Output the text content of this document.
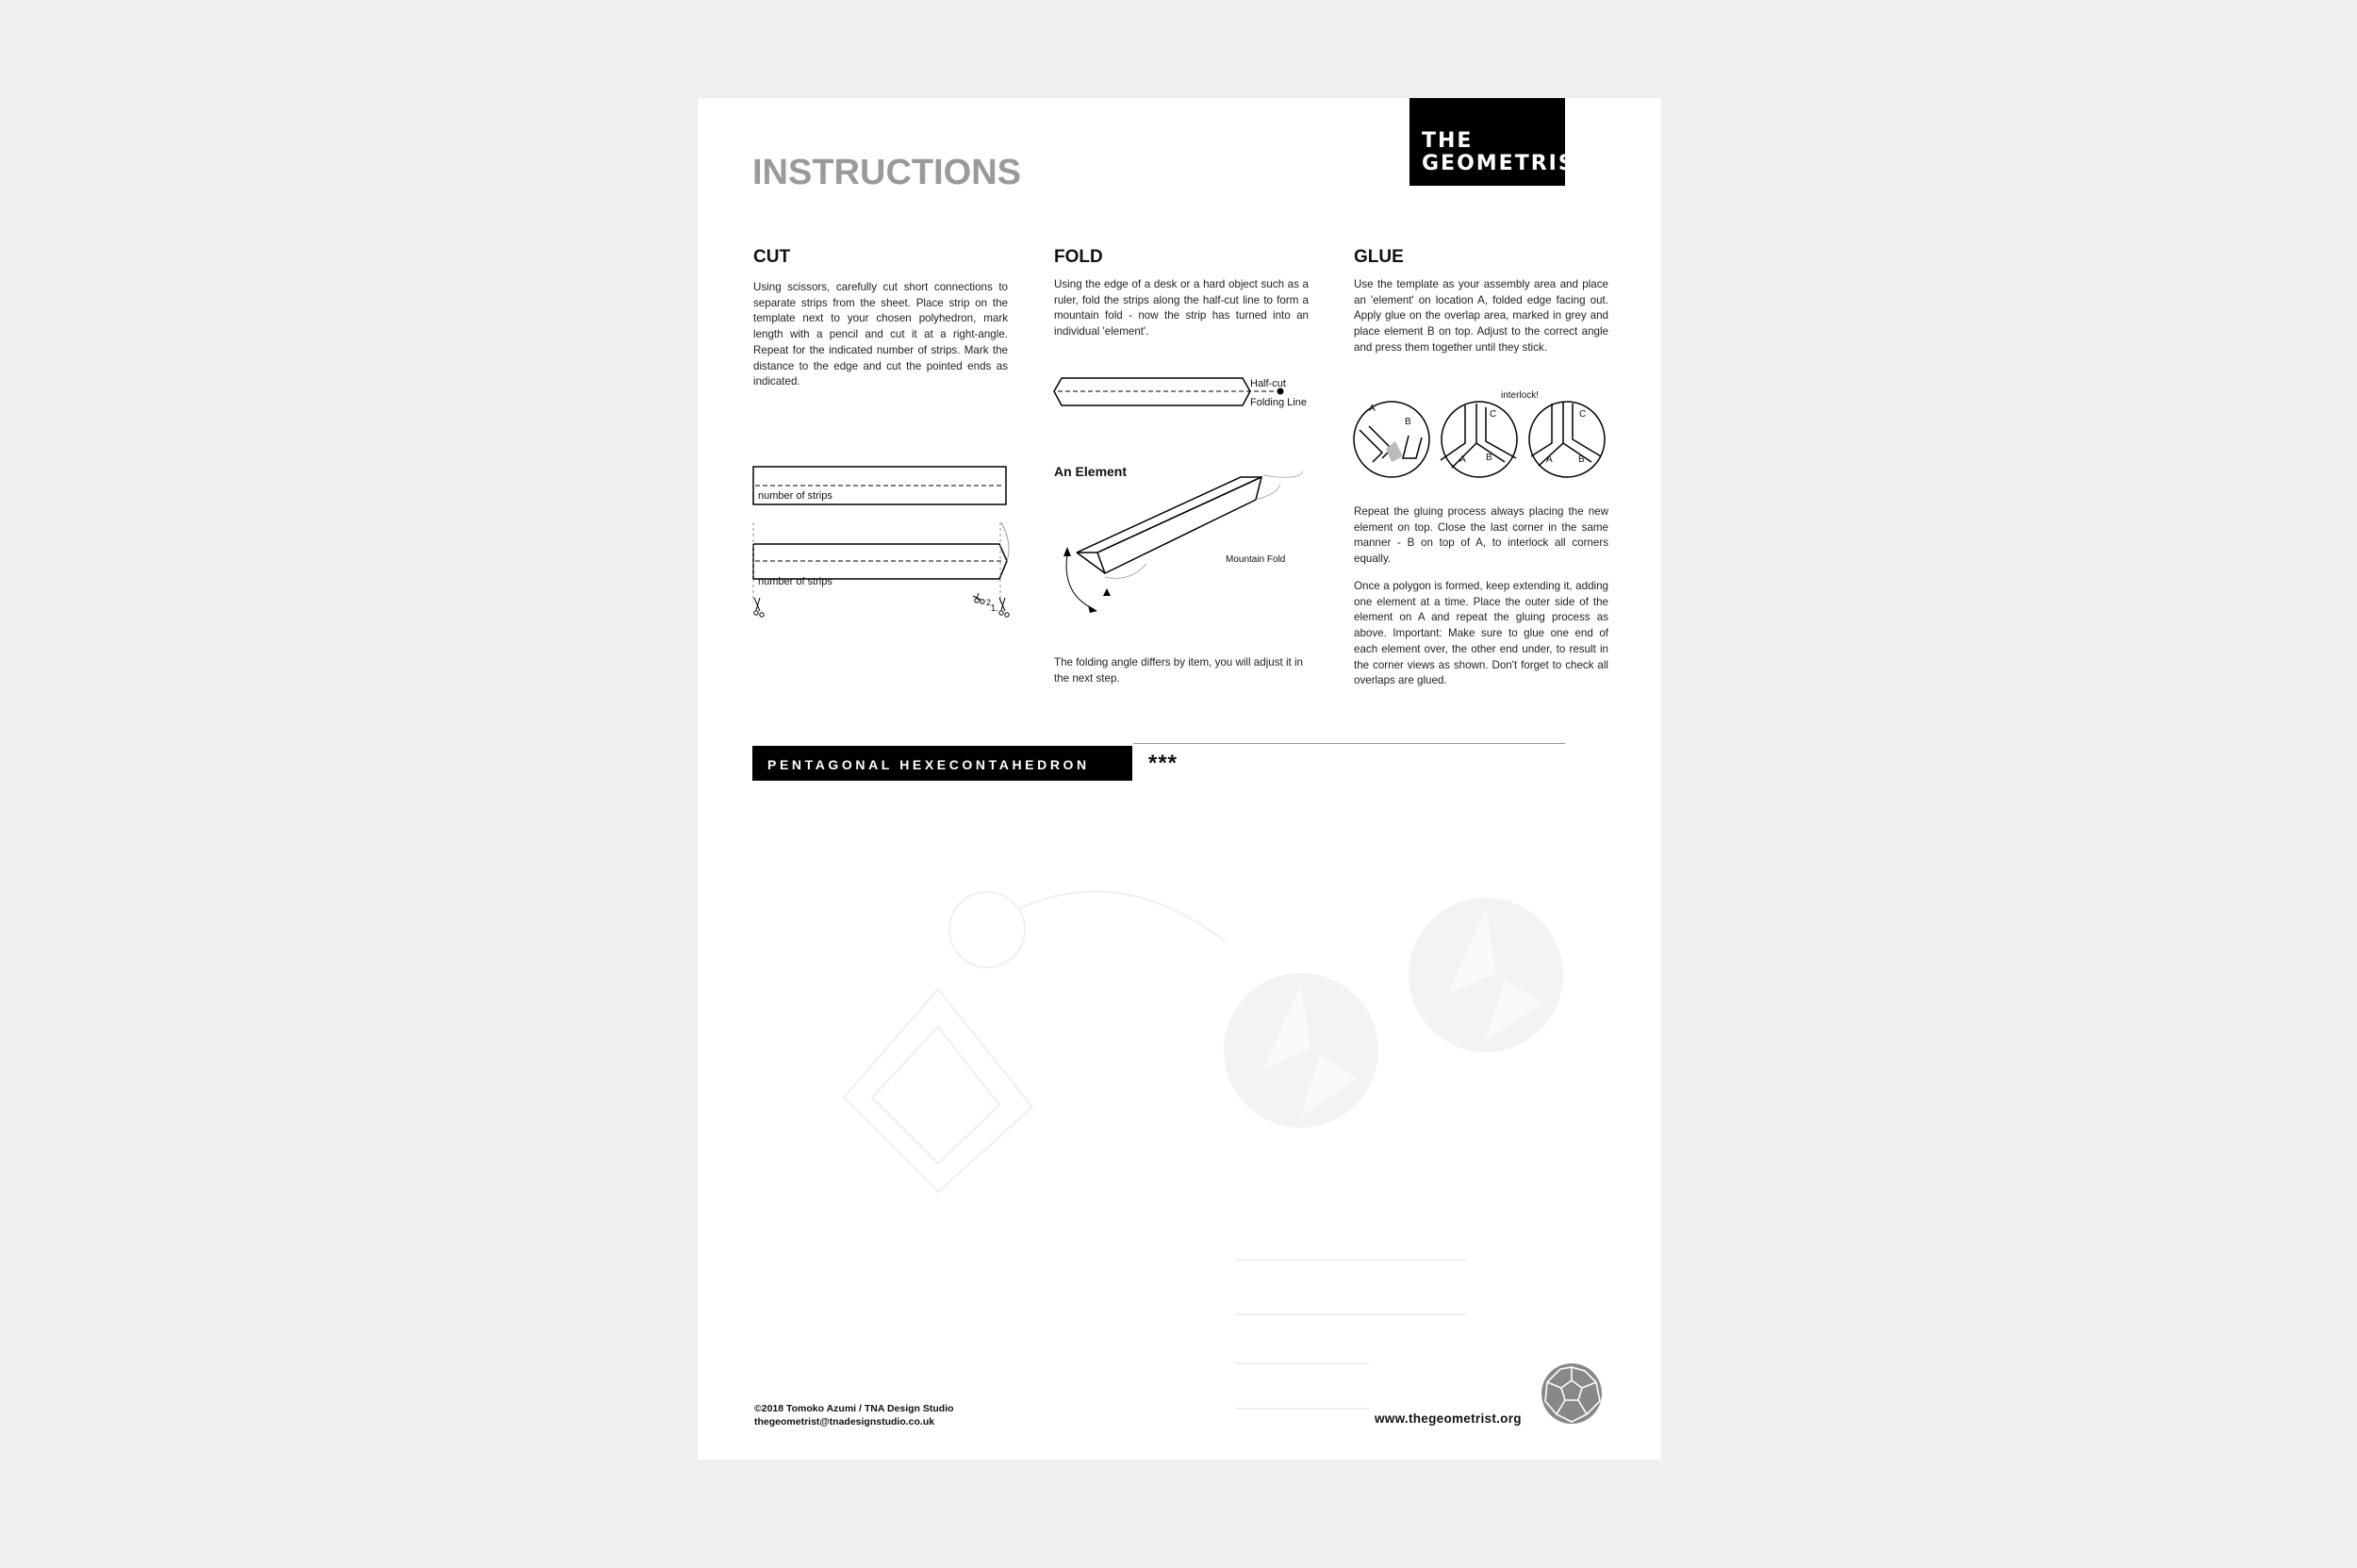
INSTRUCTIONS
THE
GEOMETRIST
CUT
Using scissors, carefully cut short connections to separate strips from the sheet. Place strip on the template next to your chosen polyhedron, mark length with a pencil and cut it at a right-angle. Repeat for the indicated number of strips. Mark the distance to the edge and cut the pointed ends as indicated.
number of strips
number of strips
1.
2.
FOLD
Using the edge of a desk or a hard object such as a ruler, fold the strips along the half-cut line to form a mountain fold - now the strip has turned into an individual 'element'.
Half-cut
Folding Line
An Element
Mountain Fold
The folding angle differs by item, you will adjust it in the next step.
GLUE
Use the template as your assembly area and place an 'element' on location A, folded edge facing out. Apply glue on the overlap area, marked in grey and place element B on top. Adjust to the correct angle and press them together until they stick.
interlock!
A
B
C
A B
C
A	B
Repeat the gluing process always placing the new element on top. Close the last corner in the same manner - B on top of A, to interlock all corners equally.
Once a polygon is formed, keep extending it, adding one element at a time. Place the outer side of the element on A and repeat the gluing process as above. Important: Make sure to glue one end of each element over, the other end under, to result in the corner views as shown. Don't forget to check all overlaps are glued.
PENTAGONAL HEXECONTAHEDRON	***
©2018 Tomoko Azumi / TNA Design Studio
thegeometrist@tnadesignstudio.co.uk	www.thegeometrist.org
